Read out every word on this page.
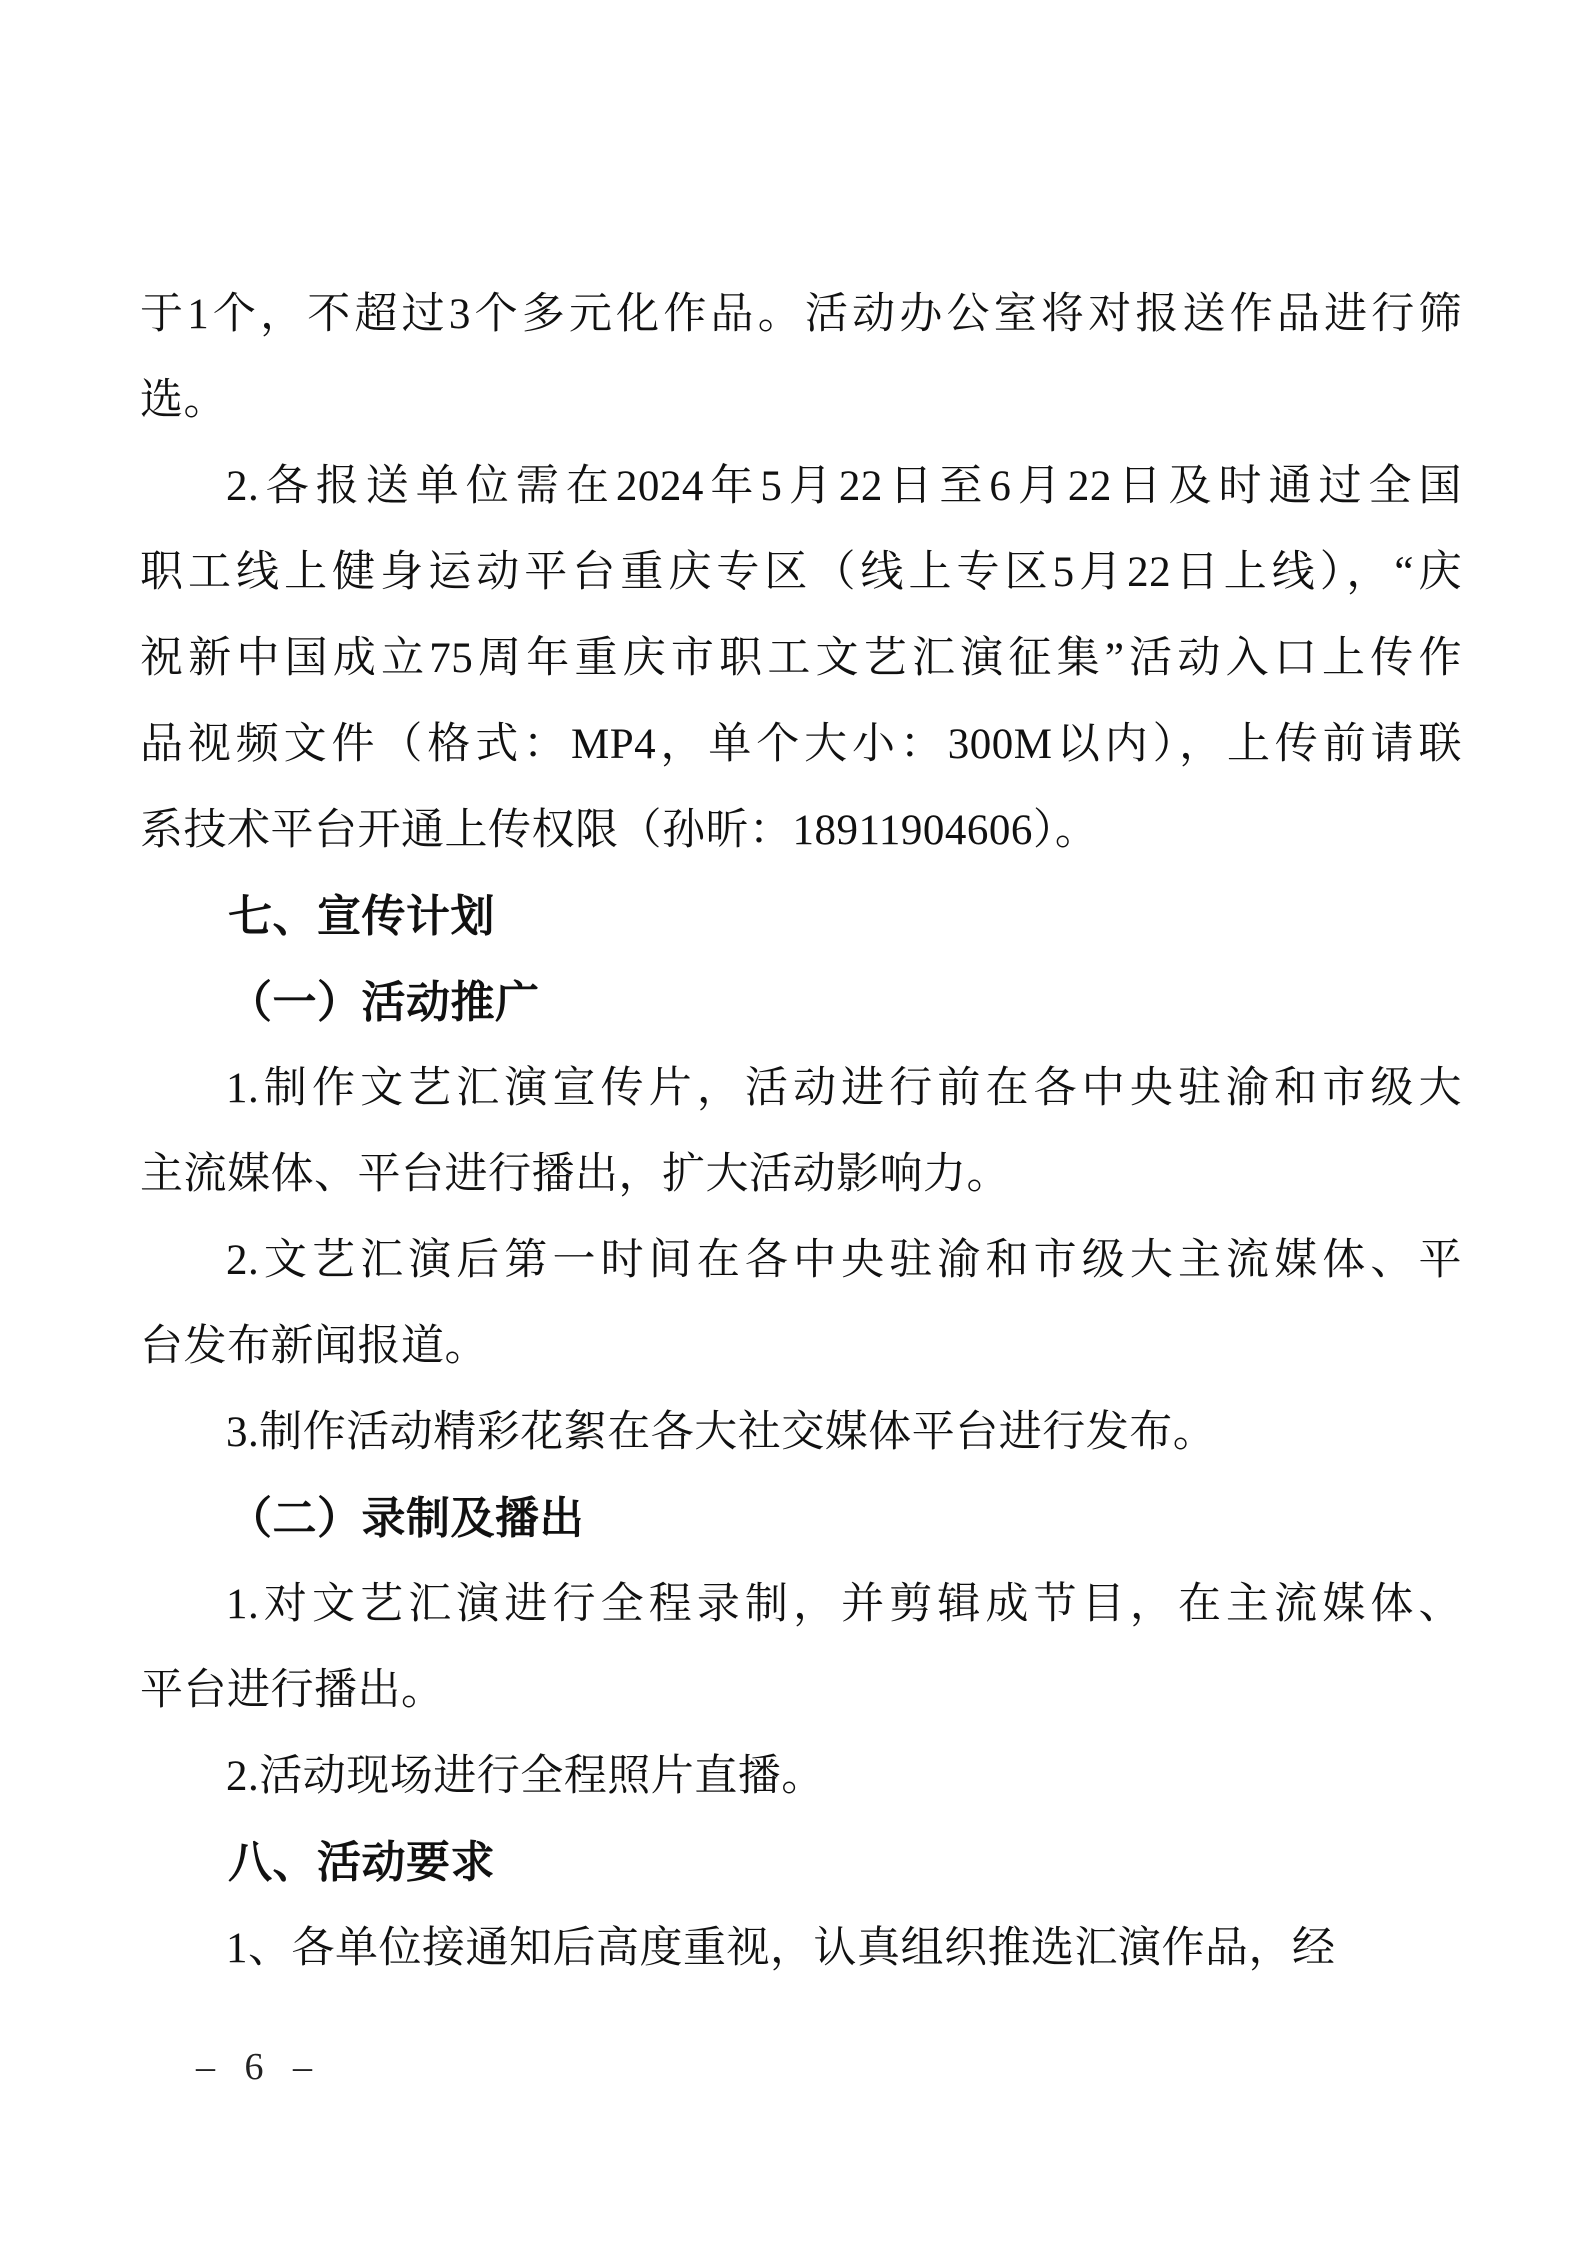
于1个，不超过3个多元化作品。活动办公室将对报送作品进行筛
选。
2.各报送单位需在2024年5月22日至6月22日及时通过全国
职工线上健身运动平台重庆专区（线上专区5月22日上线），“庆
祝新中国成立75周年重庆市职工文艺汇演征集”活动入口上传作
品视频文件（格式：MP4，单个大小：300M以内），上传前请联
系技术平台开通上传权限（孙昕：18911904606）。
七、宣传计划
（一）活动推广
1.制作文艺汇演宣传片，活动进行前在各中央驻渝和市级大
主流媒体、平台进行播出，扩大活动影响力。
2.文艺汇演后第一时间在各中央驻渝和市级大主流媒体、平
台发布新闻报道。
3.制作活动精彩花絮在各大社交媒体平台进行发布。
（二）录制及播出
1.对文艺汇演进行全程录制，并剪辑成节目，在主流媒体、
平台进行播出。
2.活动现场进行全程照片直播。
八、活动要求
1、各单位接通知后高度重视，认真组织推选汇演作品，经
– 6 –
